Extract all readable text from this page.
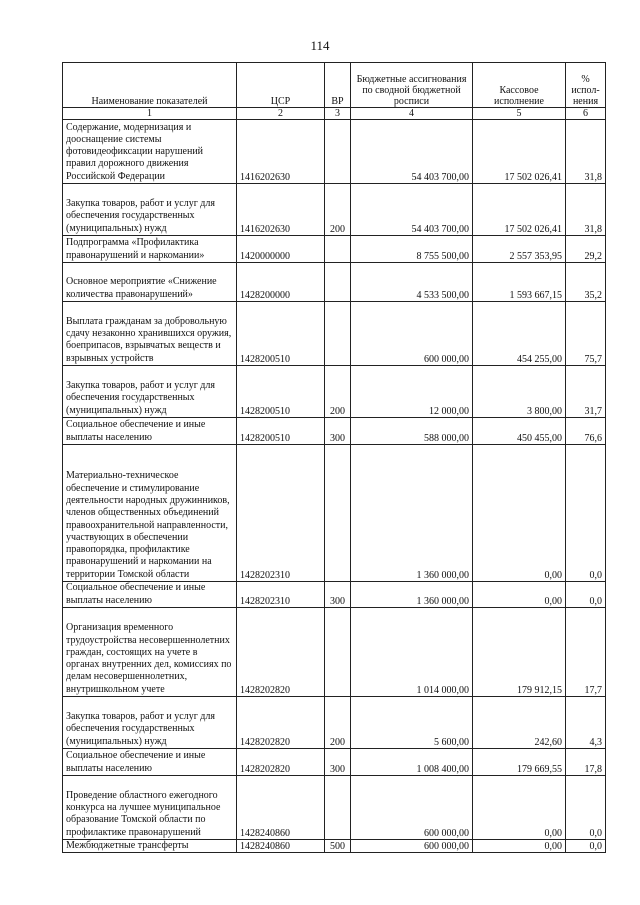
114
Наименование показателей	ЦСР	ВР	Бюджетные ассигнования по сводной бюджетной росписи	Кассовое исполнение	% испол-нения
1	2	3	4	5	6
Содержание, модернизация и дооснащение системы фотовидеофиксации нарушений правил дорожного движения Российской Федерации	1416202630		54 403 700,00	17 502 026,41	31,8
Закупка товаров, работ и услуг для обеспечения государственных (муниципальных) нужд	1416202630	200	54 403 700,00	17 502 026,41	31,8
Подпрограмма «Профилактика правонарушений и наркомании»	1420000000		8 755 500,00	2 557 353,95	29,2
Основное мероприятие «Снижение количества правонарушений»	1428200000		4 533 500,00	1 593 667,15	35,2
Выплата гражданам за добровольную сдачу незаконно хранившихся оружия, боеприпасов, взрывчатых веществ и взрывных устройств	1428200510		600 000,00	454 255,00	75,7
Закупка товаров, работ и услуг для обеспечения государственных (муниципальных) нужд	1428200510	200	12 000,00	3 800,00	31,7
Социальное обеспечение и иные выплаты населению	1428200510	300	588 000,00	450 455,00	76,6
Материально-техническое обеспечение и стимулирование деятельности народных дружинников, членов общественных объединений правоохранительной направленности, участвующих в обеспечении правопорядка, профилактике правонарушений и наркомании на территории Томской области	1428202310		1 360 000,00	0,00	0,0
Социальное обеспечение и иные выплаты населению	1428202310	300	1 360 000,00	0,00	0,0
Организация временного трудоустройства несовершеннолетних граждан, состоящих на учете в органах внутренних дел, комиссиях по делам несовершеннолетних, внутришкольном учете	1428202820		1 014 000,00	179 912,15	17,7
Закупка товаров, работ и услуг для обеспечения государственных (муниципальных) нужд	1428202820	200	5 600,00	242,60	4,3
Социальное обеспечение и иные выплаты населению	1428202820	300	1 008 400,00	179 669,55	17,8
Проведение областного ежегодного конкурса на лучшее муниципальное образование Томской области по профилактике правонарушений	1428240860		600 000,00	0,00	0,0
Межбюджетные трансферты	1428240860	500	600 000,00	0,00	0,0
